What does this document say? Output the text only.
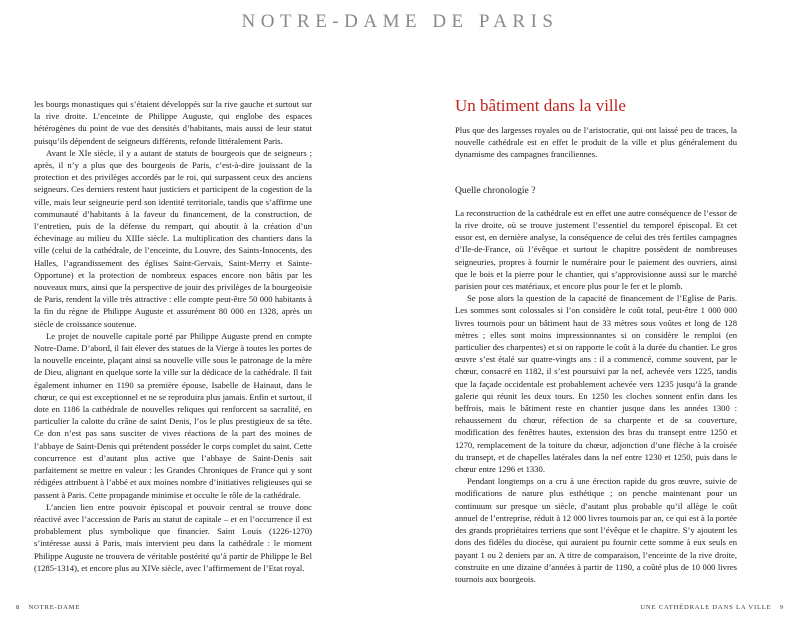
NOTRE-DAME DE PARIS

les bourgs monastiques qui s’étaient développés sur la rive gauche et surtout sur la rive droite. L’enceinte de Philippe Auguste, qui englobe des espaces hétérogènes du point de vue des densités d’habitants, mais aussi de leur statut puisqu’ils dépendent de seigneurs différents, refonde littéralement Paris.

Avant le XIe siècle, il y a autant de statuts de bourgeois que de seigneurs ; après, il n’y a plus que des bourgeois de Paris, c’est-à-dire jouissant de la protection et des privilèges accordés par le roi, qui surpassent ceux des anciens seigneurs. Ces derniers restent haut justiciers et participent de la cogestion de la ville, mais leur seigneurie perd son identité territoriale, tandis que s’affirme une communauté d’habitants à la faveur du financement, de la construction, de l’entretien, puis de la défense du rempart, qui aboutit à la création d’un échevinage au milieu du XIIIe siècle. La multiplication des chantiers dans la ville (celui de la cathédrale, de l’enceinte, du Louvre, des Saints-Innocents, des Halles, l’agrandissement des églises Saint-Gervais, Saint-Merry et Sainte-Opportune) et la protection de nombreux espaces encore non bâtis par les nouveaux murs, ainsi que la perspective de jouir des privilèges de la bourgeoisie de Paris, rendent la ville très attractive : elle compte peut-être 50 000 habitants à la fin du règne de Philippe Auguste et assurément 80 000 en 1328, après un siècle de croissance soutenue.

Le projet de nouvelle capitale porté par Philippe Auguste prend en compte Notre-Dame. D’abord, il fait élever des statues de la Vierge à toutes les portes de la nouvelle enceinte, plaçant ainsi sa nouvelle ville sous le patronage de la mère de Dieu, alignant en quelque sorte la ville sur la dédicace de la cathédrale. Il fait également inhumer en 1190 sa première épouse, Isabelle de Hainaut, dans le chœur, ce qui est exceptionnel et ne se reproduira plus jamais. Enfin et surtout, il dote en 1186 la cathédrale de nouvelles reliques qui renforcent sa sacralité, en particulier la calotte du crâne de saint Denis, l’os le plus prestigieux de sa tête. Ce don n’est pas sans susciter de vives réactions de la part des moines de l’abbaye de Saint-Denis qui prétendent posséder le corps complet du saint. Cette concurrence est d’autant plus active que l’abbaye de Saint-Denis sait parfaitement se mettre en valeur : les Grandes Chroniques de France qui y sont rédigées attribuent à l’abbé et aux moines nombre d’initiatives religieuses qui se passent à Paris. Cette propagande minimise et occulte le rôle de la cathédrale.

L’ancien lien entre pouvoir épiscopal et pouvoir central se trouve donc réactivé avec l’accession de Paris au statut de capitale – et en l’occurrence il est probablement plus symbolique que financier. Saint Louis (1226-1270) s’intéresse aussi à Paris, mais intervient peu dans la cathédrale : le moment Philippe Auguste ne trouvera de véritable postérité qu’à partir de Philippe le Bel (1285-1314), et encore plus au XIVe siècle, avec l’affirmement de l’Etat royal.

Un bâtiment dans la ville

Plus que des largesses royales ou de l’aristocratie, qui ont laissé peu de traces, la nouvelle cathédrale est en effet le produit de la ville et plus généralement du dynamisme des campagnes franciliennes.

Quelle chronologie ?

La reconstruction de la cathédrale est en effet une autre conséquence de l’essor de la rive droite, où se trouve justement l’essentiel du temporel épiscopal. Et cet essor est, en dernière analyse, la conséquence de celui des très fertiles campagnes d’Ile-de-France, où l’évêque et surtout le chapitre possèdent de nombreuses seigneuries, propres à fournir le numéraire pour le paiement des ouvriers, ainsi que le bois et la pierre pour le chantier, qui s’approvisionne aussi sur le marché parisien pour ces matériaux, et encore plus pour le fer et le plomb.

Se pose alors la question de la capacité de financement de l’Eglise de Paris. Les sommes sont colossales si l’on considère le coût total, peut-être 1 000 000 livres tournois pour un bâtiment haut de 33 mètres sous voûtes et long de 128 mètres ; elles sont moins impressionnantes si on considère le remploi (en particulier des charpentes) et si on rapporte le coût à la durée du chantier. Le gros œuvre s’est étalé sur quatre-vingts ans : il a commencé, comme souvent, par le chœur, consacré en 1182, il s’est poursuivi par la nef, achevée vers 1225, tandis que la façade occidentale est probablement achevée vers 1235 jusqu’à la grande galerie qui réunit les deux tours. En 1250 les cloches sonnent enfin dans les beffrois, mais le bâtiment reste en chantier jusque dans les années 1300 : rehaussement du chœur, réfection de sa charpente et de sa couverture, modification des fenêtres hautes, extension des bras du transept entre 1250 et 1270, remplacement de la toiture du chœur, adjonction d’une flèche à la croisée du transept, et de chapelles latérales dans la nef entre 1230 et 1250, puis dans le chœur entre 1296 et 1330.

Pendant longtemps on a cru à une érection rapide du gros œuvre, suivie de modifications de nature plus esthétique ; on penche maintenant pour un continuum sur presque un siècle, d’autant plus probable qu’il allège le coût annuel de l’entreprise, réduit à 12 000 livres tournois par an, ce qui est à la portée des grands propriétaires terriens que sont l’évêque et le chapitre. S’y ajoutent les dons des fidèles du diocèse, qui auraient pu fournir cette somme à eux seuls en payant 1 ou 2 deniers par an. A titre de comparaison, l’enceinte de la rive droite, construite en une dizaine d’années à partir de 1190, a coûté plus de 10 000 livres tournois aux bourgeois.

8 NOTRE-DAME	UNE CATHÉDRALE DANS LA VILLE 9
